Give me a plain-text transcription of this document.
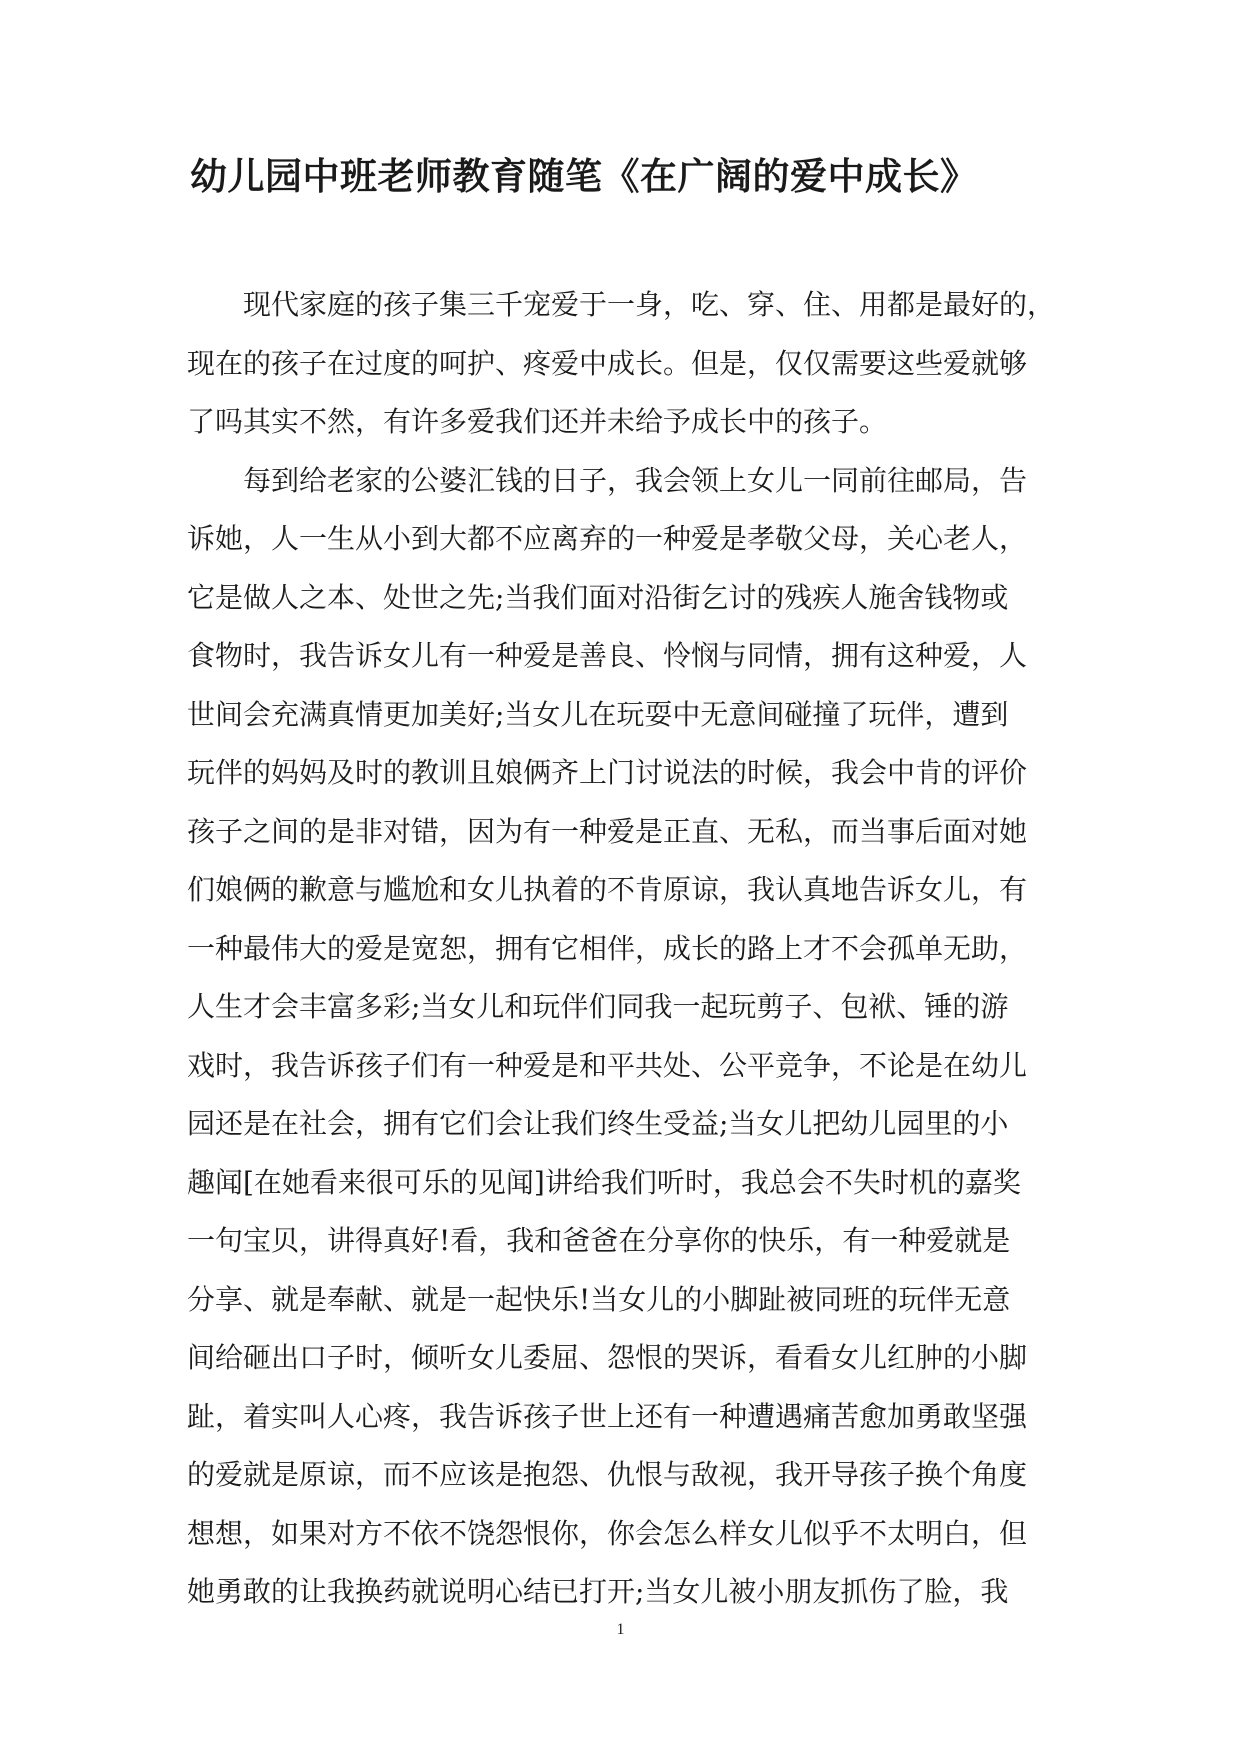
幼儿园中班老师教育随笔《在广阔的爱中成长》

现代家庭的孩子集三千宠爱于一身，吃、穿、住、用都是最好的，
现在的孩子在过度的呵护、疼爱中成长。但是，仅仅需要这些爱就够
了吗其实不然，有许多爱我们还并未给予成长中的孩子。

每到给老家的公婆汇钱的日子，我会领上女儿一同前往邮局，告
诉她，人一生从小到大都不应离弃的一种爱是孝敬父母，关心老人，
它是做人之本、处世之先;当我们面对沿街乞讨的残疾人施舍钱物或
食物时，我告诉女儿有一种爱是善良、怜悯与同情，拥有这种爱，人
世间会充满真情更加美好;当女儿在玩耍中无意间碰撞了玩伴，遭到
玩伴的妈妈及时的教训且娘俩齐上门讨说法的时候，我会中肯的评价
孩子之间的是非对错，因为有一种爱是正直、无私，而当事后面对她
们娘俩的歉意与尴尬和女儿执着的不肯原谅，我认真地告诉女儿，有
一种最伟大的爱是宽恕，拥有它相伴，成长的路上才不会孤单无助，
人生才会丰富多彩;当女儿和玩伴们同我一起玩剪子、包袱、锤的游
戏时，我告诉孩子们有一种爱是和平共处、公平竞争，不论是在幼儿
园还是在社会，拥有它们会让我们终生受益;当女儿把幼儿园里的小
趣闻[在她看来很可乐的见闻]讲给我们听时，我总会不失时机的嘉奖
一句宝贝，讲得真好!看，我和爸爸在分享你的快乐，有一种爱就是
分享、就是奉献、就是一起快乐!当女儿的小脚趾被同班的玩伴无意
间给砸出口子时，倾听女儿委屈、怨恨的哭诉，看看女儿红肿的小脚
趾，着实叫人心疼，我告诉孩子世上还有一种遭遇痛苦愈加勇敢坚强
的爱就是原谅，而不应该是抱怨、仇恨与敌视，我开导孩子换个角度
想想，如果对方不依不饶怨恨你，你会怎么样女儿似乎不太明白，但
她勇敢的让我换药就说明心结已打开;当女儿被小朋友抓伤了脸，我

1
